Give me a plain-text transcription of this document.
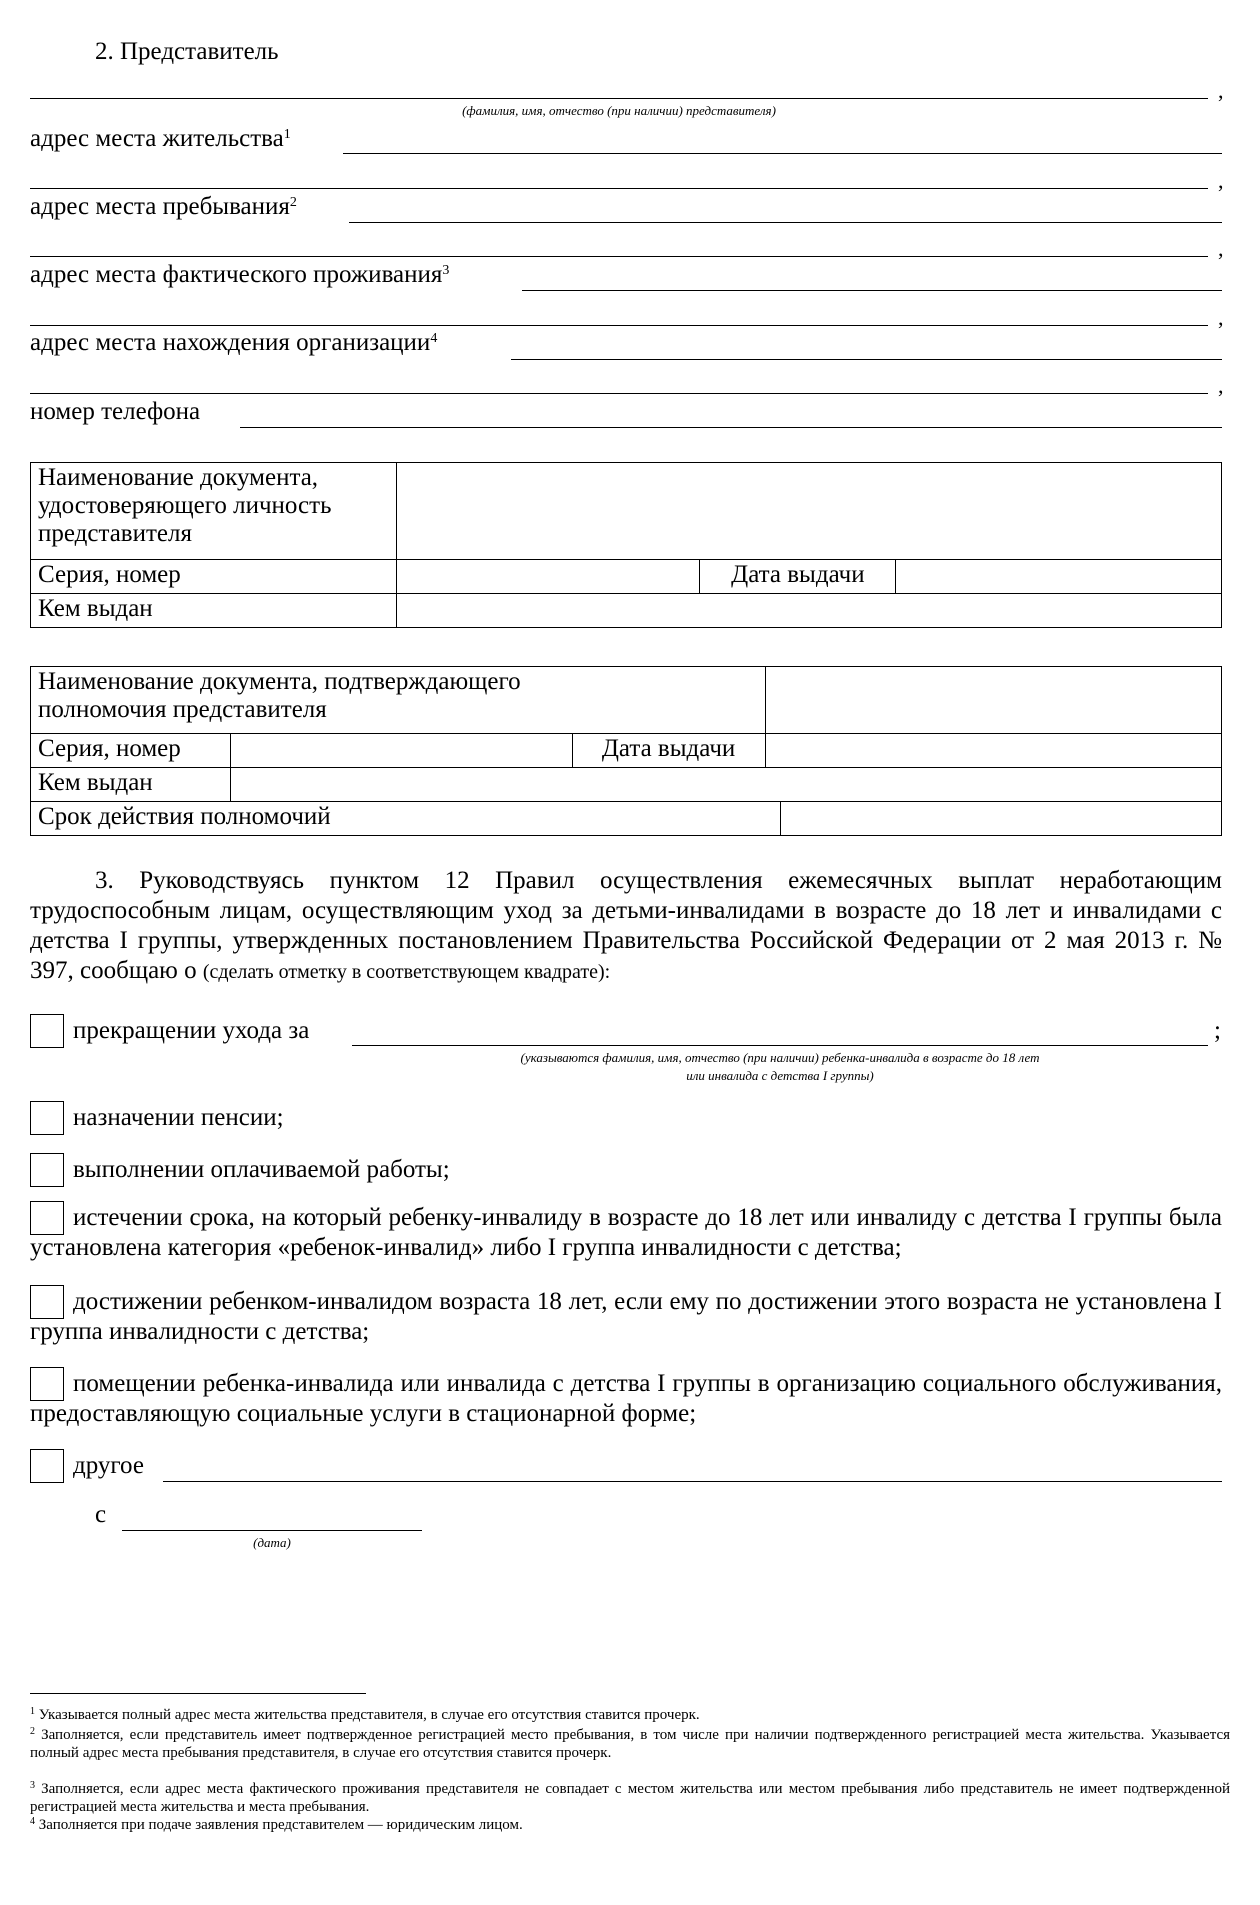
2. Представитель
,
(фамилия, имя, отчество (при наличии) представителя)
адрес места жительства$^1$
,
адрес места пребывания$^2$
,
адрес места фактического проживания$^3$
,
адрес места нахождения организации$^4$
,
номер телефона
Наименование документа, удостоверяющего личность представителя			
Серия, номер		Дата выдачи	
Кем выдан			
Наименование документа, подтверждающего полномочия представителя				
Серия, номер		Дата выдачи		
Кем выдан				
Срок действия полномочий				
3. Руководствуясь пунктом 12 Правил осуществления ежемесячных выплат неработающим трудоспособным лицам, осуществляющим уход за детьми-инвалидами в возрасте до 18 лет и инвалидами с детства I группы, утвержденных постановлением Правительства Российской Федерации от 2 мая 2013 г. № 397, сообщаю о (сделать отметку в соответствующем квадрате):
прекращении ухода за	;
(указываются фамилия, имя, отчество (при наличии) ребенка-инвалида в возрасте до 18 лет
или инвалида с детства I группы)
назначении пенсии;
выполнении оплачиваемой работы;
истечении срока, на который ребенку-инвалиду в возрасте до 18 лет или инвалиду с детства I группы была установлена категория «ребенок-инвалид» либо I группа инвалидности с детства;
достижении ребенком-инвалидом возраста 18 лет, если ему по достижении этого возраста не установлена I группа инвалидности с детства;
помещении ребенка-инвалида или инвалида с детства I группы в организацию социального обслуживания, предоставляющую социальные услуги в стационарной форме;
другое
с
(дата)
$^1$ Указывается полный адрес места жительства представителя, в случае его отсутствия ставится прочерк.
$^2$ Заполняется, если представитель имеет подтвержденное регистрацией место пребывания, в том числе при наличии подтвержденного регистрацией места жительства. Указывается полный адрес места пребывания представителя, в случае его отсутствия ставится прочерк.
$^3$ Заполняется, если адрес места фактического проживания представителя не совпадает с местом жительства или местом пребывания либо представитель не имеет подтвержденной регистрацией места жительства и места пребывания.
$^4$ Заполняется при подаче заявления представителем — юридическим лицом.
